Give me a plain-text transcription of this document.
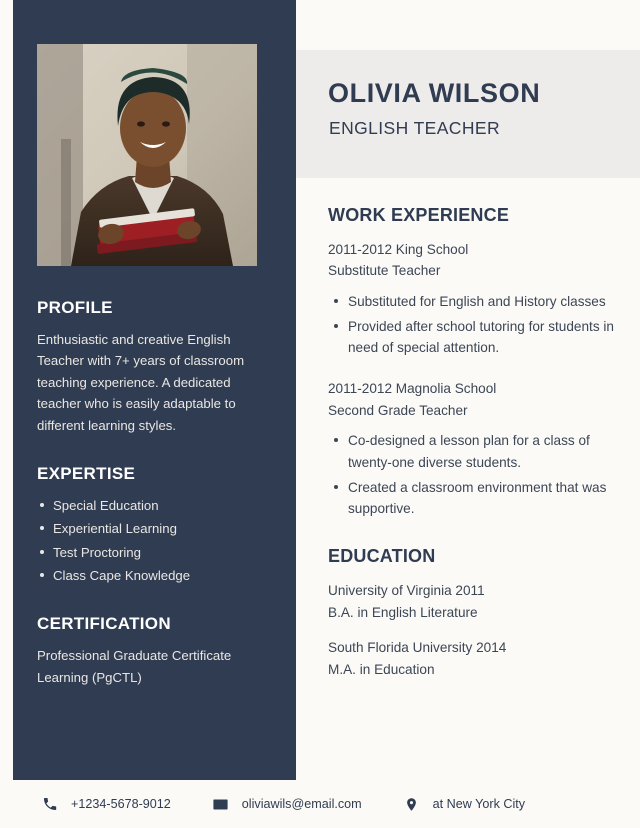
PROFILE
Enthusiastic and creative English Teacher with 7+ years of classroom teaching experience. A dedicated teacher who is easily adaptable to different learning styles.
EXPERTISE
Special Education
Experiential Learning
Test Proctoring
Class Cape Knowledge
CERTIFICATION
Professional Graduate Certificate Learning (PgCTL)
OLIVIA WILSON
ENGLISH TEACHER
WORK EXPERIENCE
2011-2012 King School
Substitute Teacher
Substituted for English and History classes
Provided after school tutoring for students in need of special attention.
2011-2012 Magnolia School
Second Grade Teacher
Co-designed a lesson plan for a class of twenty-one diverse students.
Created a classroom environment that was supportive.
EDUCATION
University of Virginia 2011
B.A. in English Literature
South Florida University 2014
M.A. in Education
+1234-5678-9012	oliviawils@email.com	at New York City
